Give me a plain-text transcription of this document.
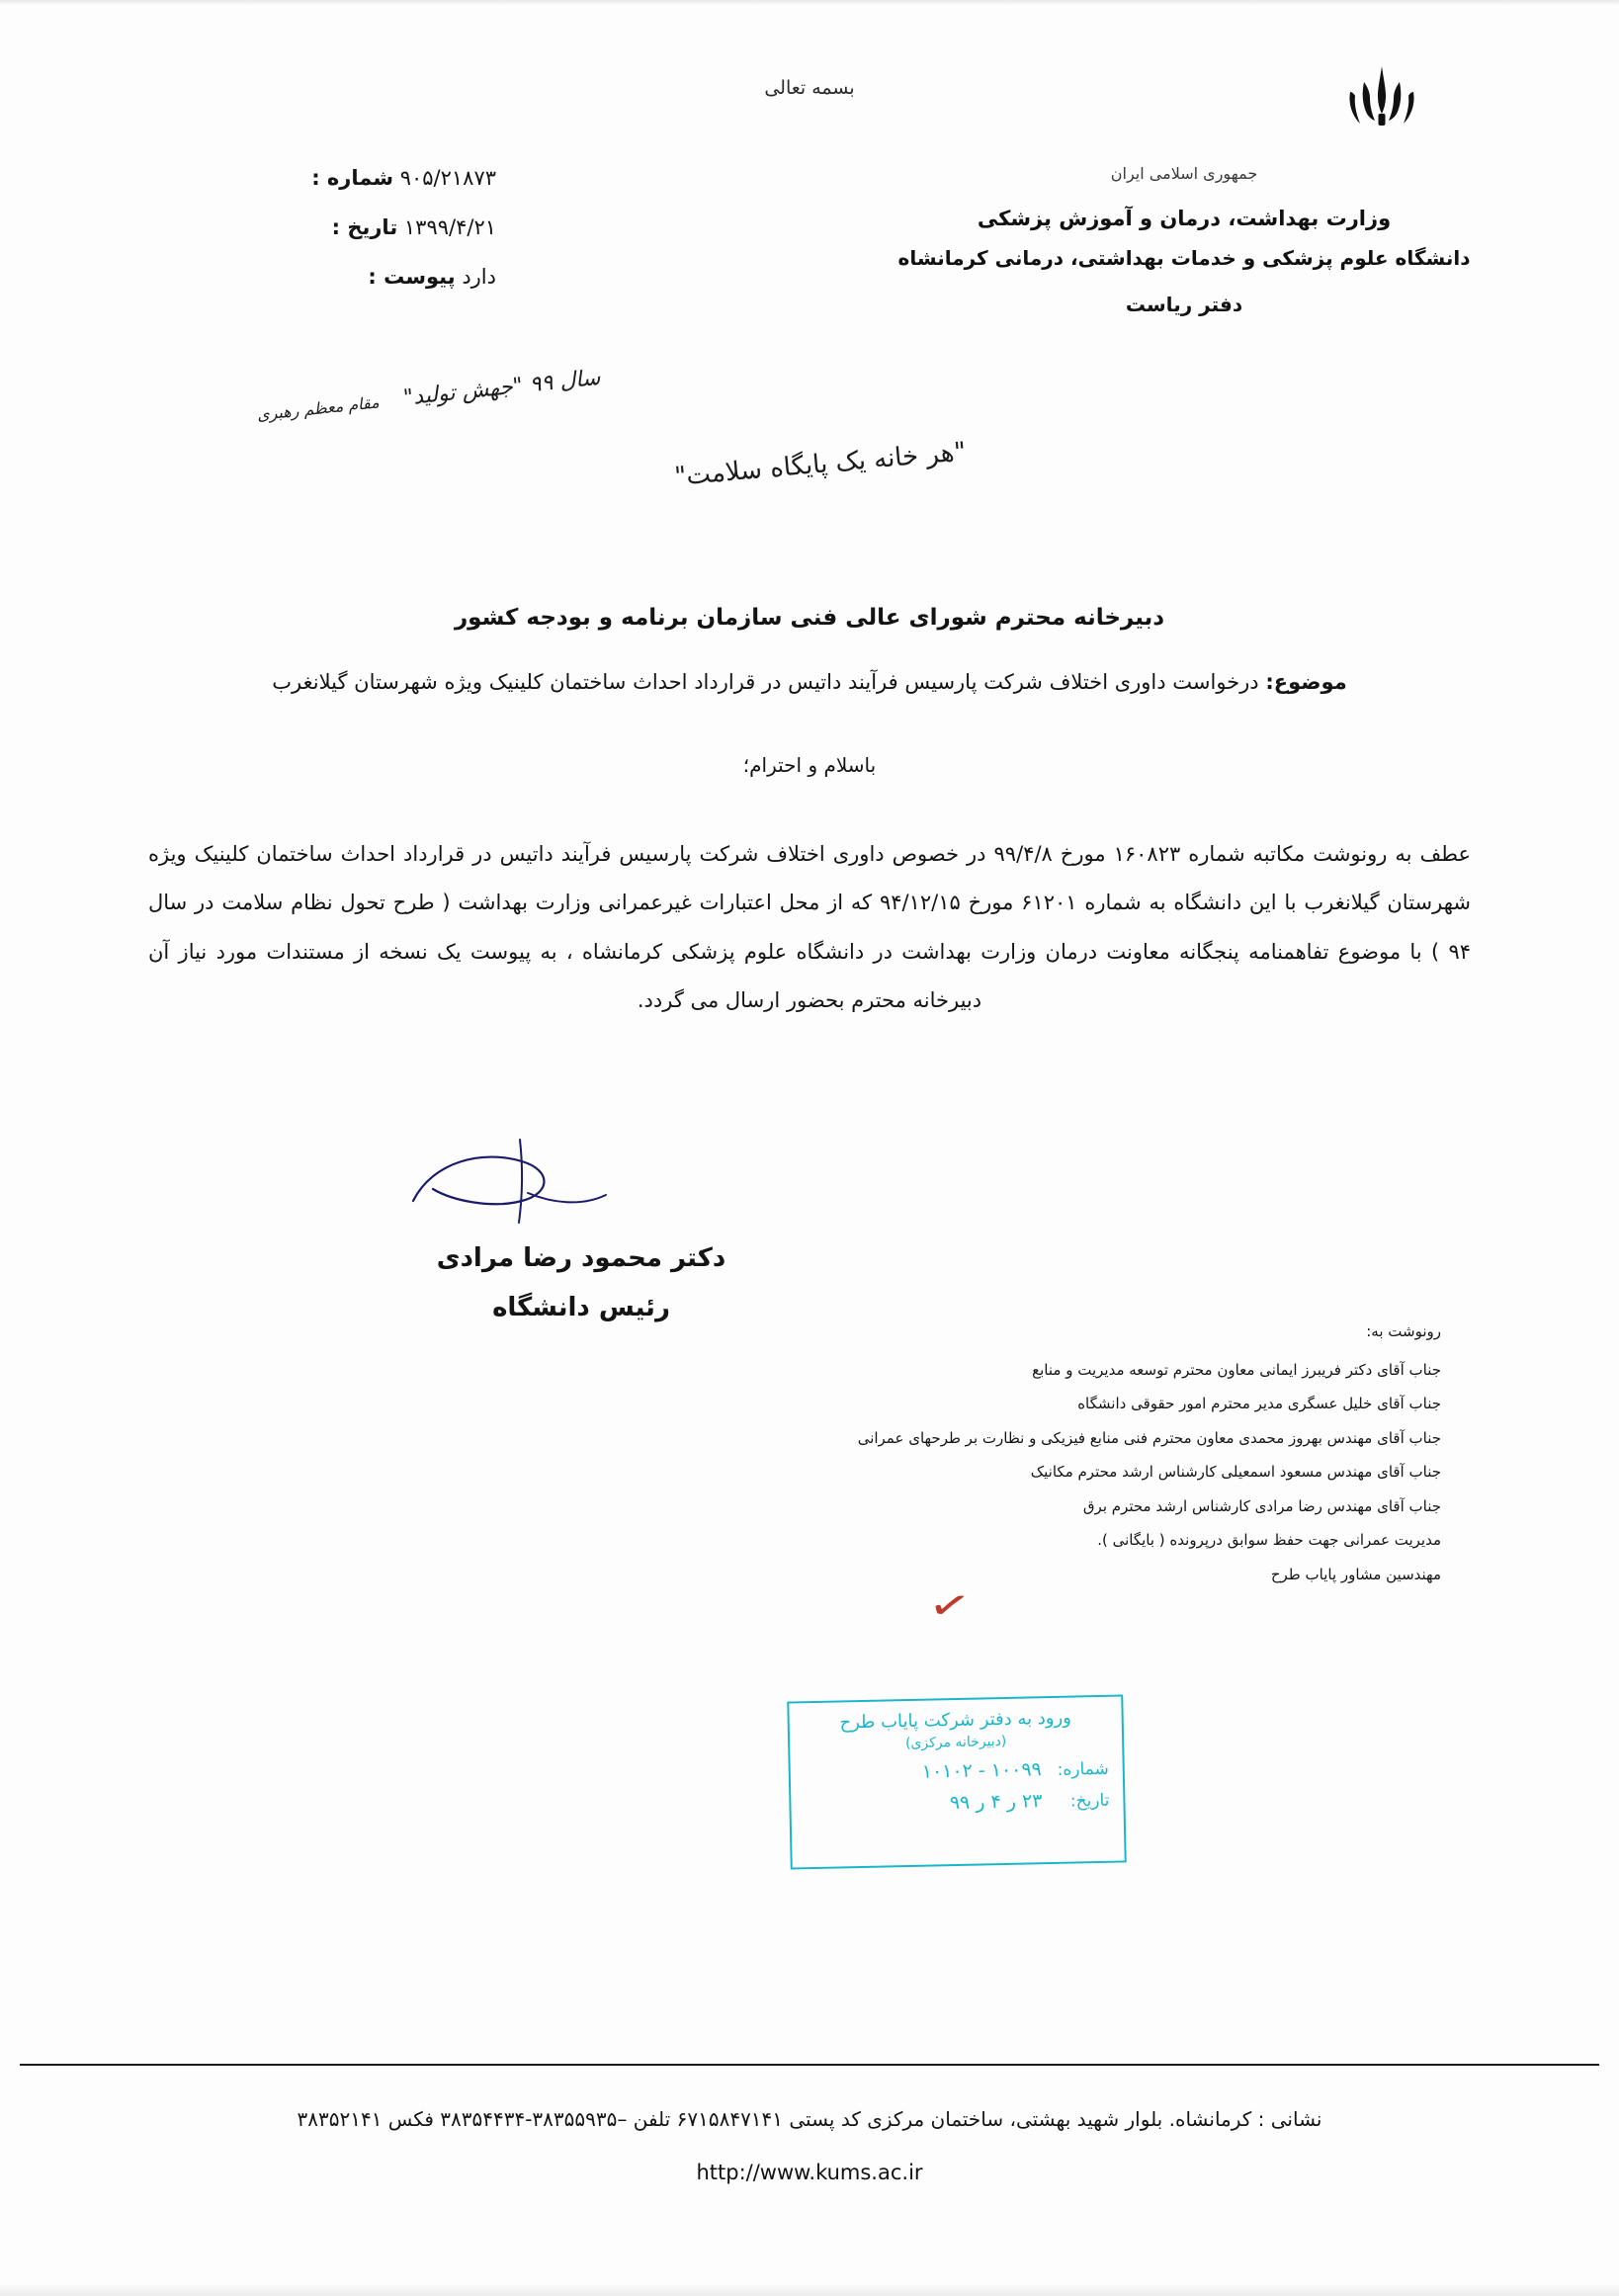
بسمه تعالی
جمهوری اسلامی ایران
وزارت بهداشت، درمان و آموزش پزشکی
دانشگاه علوم پزشکی و خدمات بهداشتی، درمانی کرمانشاه
دفتر ریاست
۹۰۵/۲۱۸۷۳ شماره :
۱۳۹۹/۴/۲۱ تاریخ :
دارد پیوست :
سال ۹۹ "جهش تولید" مقام معظم رهبری
"هر خانه یک پایگاه سلامت"
دبیرخانه محترم شورای عالی فنی سازمان برنامه و بودجه کشور
موضوع: درخواست داوری اختلاف شرکت پارسیس فرآیند داتیس در قرارداد احداث ساختمان کلینیک ویژه شهرستان گیلانغرب
باسلام و احترام؛
عطف به رونوشت مکاتبه شماره ۱۶۰۸۲۳ مورخ ۹۹/۴/۸ در خصوص داوری اختلاف شرکت پارسیس فرآیند داتیس در قرارداد احداث ساختمان کلینیک ویژه شهرستان گیلانغرب با این دانشگاه به شماره ۶۱۲۰۱ مورخ ۹۴/۱۲/۱۵ که از محل اعتبارات غیرعمرانی وزارت بهداشت ( طرح تحول نظام سلامت در سال ۹۴ ) با موضوع تفاهمنامه پنجگانه معاونت درمان وزارت بهداشت در دانشگاه علوم پزشکی کرمانشاه ، به پیوست یک نسخه از مستندات مورد نیاز آن دبیرخانه محترم بحضور ارسال می گردد.
دکتر محمود رضا مرادی
رئیس دانشگاه
رونوشت به:
جناب آقای دکتر فریبرز ایمانی معاون محترم توسعه مدیریت و منابع
جناب آقای خلیل عسگری مدیر محترم امور حقوقی دانشگاه
جناب آقای مهندس بهروز محمدی معاون محترم فنی منابع فیزیکی و نظارت بر طرحهای عمرانی
جناب آقای مهندس مسعود اسمعیلی کارشناس ارشد محترم مکانیک
جناب آقای مهندس رضا مرادی کارشناس ارشد محترم برق
مدیریت عمرانی جهت حفظ سوابق درپرونده ( بایگانی ).
مهندسین مشاور پایاب طرح
✓
ورود به دفتر شرکت پایاب طرح
(دبیرخانه مرکزی)
شماره:
۱۰۰۹۹ - ۱۰۱۰۲
تاریخ:
۲۳ ر ۴ ر ۹۹
نشانی : کرمانشاه. بلوار شهید بهشتی، ساختمان مرکزی کد پستی ۶۷۱۵۸۴۷۱۴۱ تلفن –۳۸۳۵۵۹۳۵-۳۸۳۵۴۴۳۴ فکس ۳۸۳۵۲۱۴۱
http://www.kums.ac.ir
